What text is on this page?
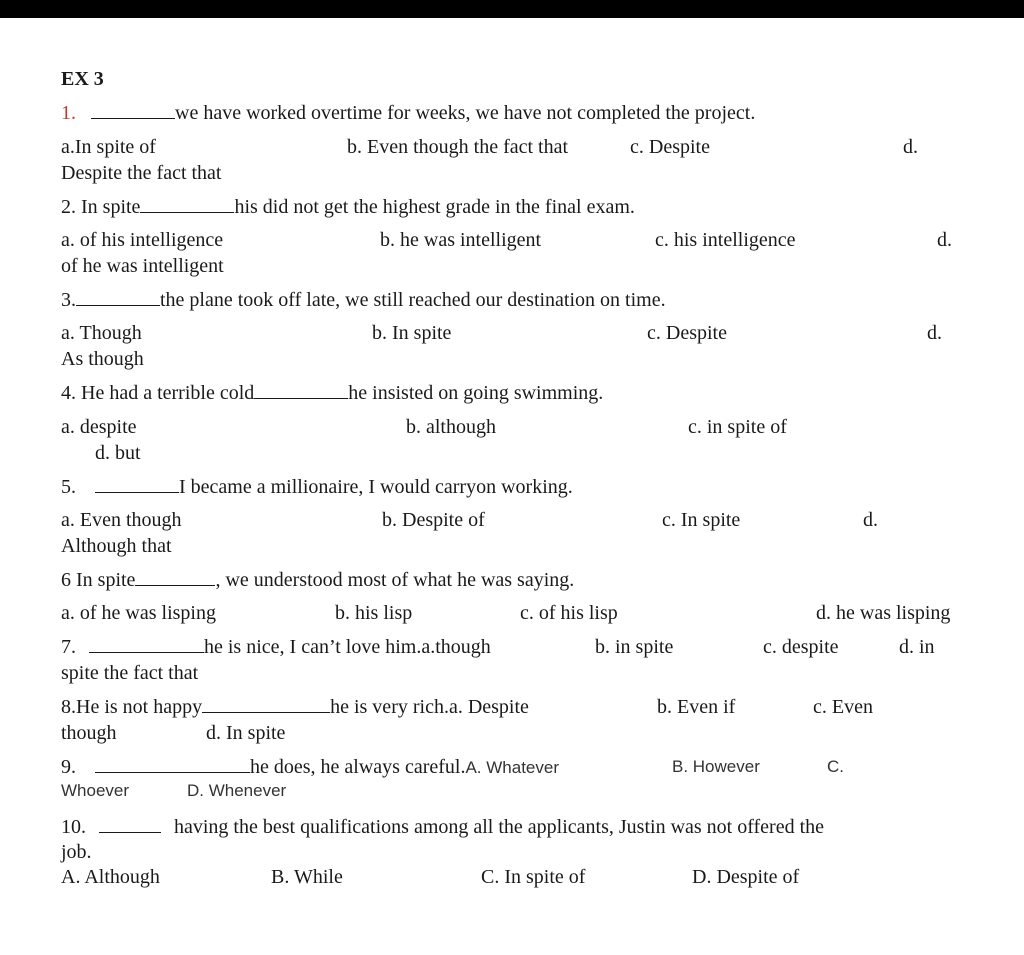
EX 3
1.	we have worked overtime for weeks, we have not completed the project.
a.In spite of	b. Even though the fact that	c. Despite	d.
Despite the fact that
2. In spite	his did not get the highest grade in the final exam.
a. of his intelligence	b. he was intelligent	c. his intelligence	d.
of he was intelligent
3.	the plane took off late, we still reached our destination on time.
a. Though	b. In spite	c. Despite	d.
As though
4. He had a terrible cold	he insisted on going swimming.
a. despite	b. although	c. in spite of
d. but
5.	I became a millionaire, I would carryon working.
a. Even though	b. Despite of	c. In spite	d.
Although that
6 In spite	, we understood most of what he was saying.
a. of he was lisping	b. his lisp	c. of his lisp	d. he was lisping
7.	he is nice, I can’t love him.a.though	b. in spite	c. despite	d. in
spite the fact that
8.He is not happy	he is very rich.a. Despite	b. Even if	c. Even
though	d. In spite
9.	he does, he always careful.A. Whatever	B. However	C.
Whoever	D. Whenever
10.	having the best qualifications among all the applicants, Justin was not offered the
job.
A. Although	B. While	C. In spite of	D. Despite of
